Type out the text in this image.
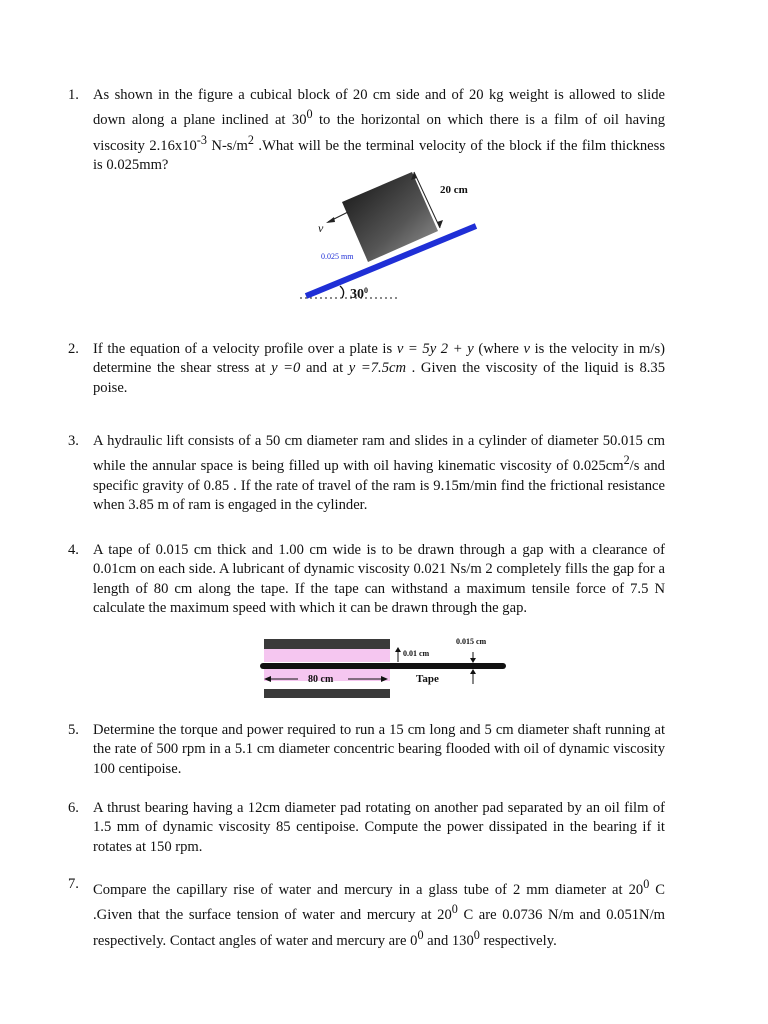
1. As shown in the figure a cubical block of 20 cm side and of 20 kg weight is allowed to slide down along a plane inclined at $30^0$ to the horizontal on which there is a film of oil having viscosity $2.16x10^{-3}$ $N-s/m^2$ .What will be the terminal velocity of the block if the film thickness is 0.025mm?
20 cm
v
0.025 mm
$30^0$
2. If the equation of a velocity profile over a plate is v = 5y 2 + y (where v is the velocity in m/s) determine the shear stress at y =0 and at y =7.5cm . Given the viscosity of the liquid is 8.35 poise.
3. A hydraulic lift consists of a 50 cm diameter ram and slides in a cylinder of diameter 50.015 cm while the annular space is being filled up with oil having kinematic viscosity of $0.025cm^2/s$ and specific gravity of 0.85 . If the rate of travel of the ram is 9.15m/min find the frictional resistance when 3.85 m of ram is engaged in the cylinder.
4. A tape of 0.015 cm thick and 1.00 cm wide is to be drawn through a gap with a clearance of 0.01cm on each side. A lubricant of dynamic viscosity 0.021 Ns/m 2 completely fills the gap for a length of 80 cm along the tape. If the tape can withstand a maximum tensile force of 7.5 N calculate the maximum speed with which it can be drawn through the gap.
80 cm
0.01 cm
0.015 cm
Tape
5. Determine the torque and power required to run a 15 cm long and 5 cm diameter shaft running at the rate of 500 rpm in a 5.1 cm diameter concentric bearing flooded with oil of dynamic viscosity 100 centipoise.
6. A thrust bearing having a 12cm diameter pad rotating on another pad separated by an oil film of 1.5 mm of dynamic viscosity 85 centipoise. Compute the power dissipated in the bearing if it rotates at 150 rpm.
7. Compare the capillary rise of water and mercury in a glass tube of 2 mm diameter at $20^0$ C .Given that the surface tension of water and mercury at $20^0$ C are 0.0736 N/m and 0.051N/m respectively. Contact angles of water and mercury are $0^0$ and $130^0$ respectively.
